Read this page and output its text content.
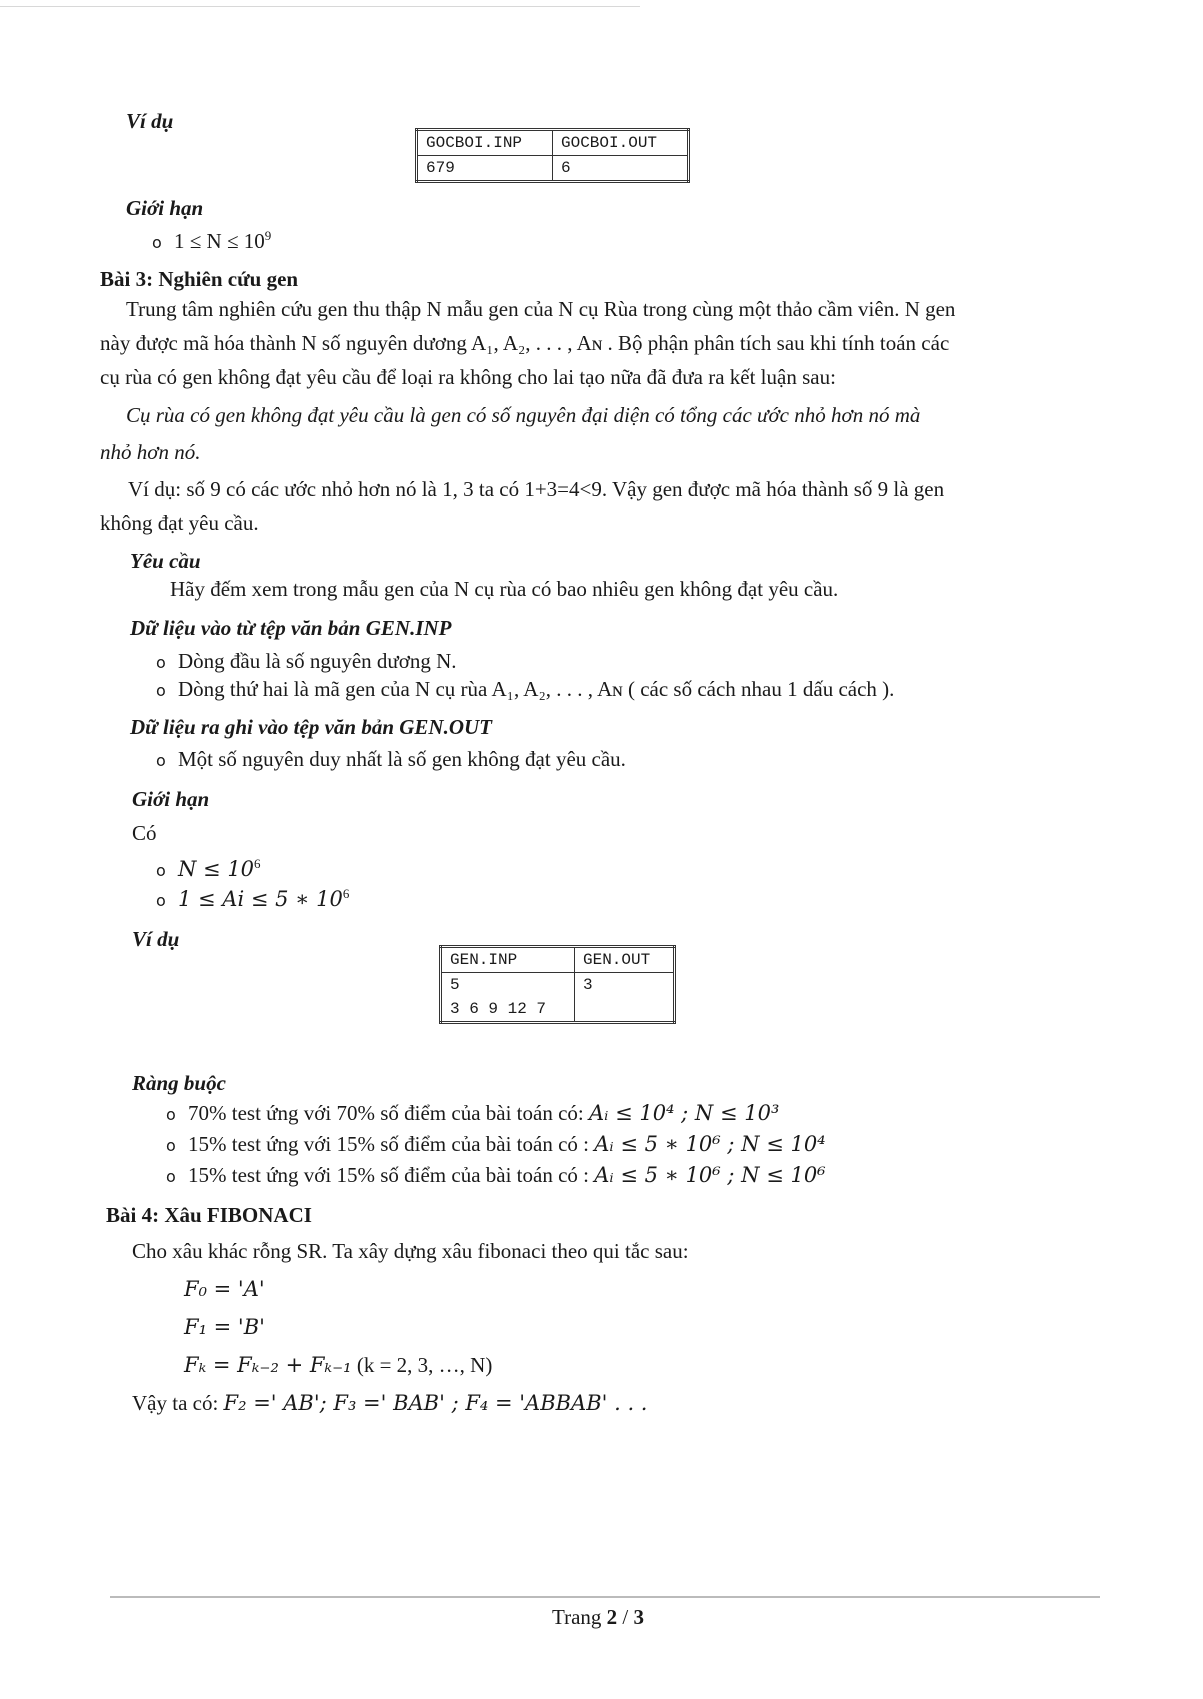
Ví dụ
GOCBOI.INP	GOCBOI.OUT
679	6
Giới hạn
o $1 \le N \le 10^9$
Bài 3: Nghiên cứu gen
Trung tâm nghiên cứu gen thu thập N mẫu gen của N cụ Rùa trong cùng một thảo cầm viên. N gen
này được mã hóa thành N số nguyên dương A₁, A₂, . . . , Aɴ . Bộ phận phân tích sau khi tính toán các
cụ rùa có gen không đạt yêu cầu để loại ra không cho lai tạo nữa đã đưa ra kết luận sau:
Cụ rùa có gen không đạt yêu cầu là gen có số nguyên đại diện có tổng các ước nhỏ hơn nó mà
nhỏ hơn nó.
Ví dụ: số 9 có các ước nhỏ hơn nó là 1, 3 ta có 1+3=4<9. Vậy gen được mã hóa thành số 9 là gen
không đạt yêu cầu.
Yêu cầu
Hãy đếm xem trong mẫu gen của N cụ rùa có bao nhiêu gen không đạt yêu cầu.
Dữ liệu vào từ tệp văn bản GEN.INP
o Dòng đầu là số nguyên dương N.
o Dòng thứ hai là mã gen của N cụ rùa A₁, A₂, . . . , Aɴ ( các số cách nhau 1 dấu cách ).
Dữ liệu ra ghi vào tệp văn bản GEN.OUT
o Một số nguyên duy nhất là số gen không đạt yêu cầu.
Giới hạn
Có
o $N \le 10^6$
o 1 ≤ Ai ≤ 5 ∗ $10^6$
Ví dụ
GEN.INP	GEN.OUT
5	3
3 6 9 12 7	
Ràng buộc
o 70% test ứng với 70% số điểm của bài toán có: Aᵢ ≤ 10⁴ ; N ≤ 10³
o 15% test ứng với 15% số điểm của bài toán có : Aᵢ ≤ 5 ∗ 10⁶ ; N ≤ 10⁴
o 15% test ứng với 15% số điểm của bài toán có : Aᵢ ≤ 5 ∗ 10⁶ ; N ≤ 10⁶
Bài 4: Xâu FIBONACI
Cho xâu khác rỗng SR. Ta xây dựng xâu fibonaci theo qui tắc sau:
F₀ = 'A'
F₁ = 'B'
Fₖ = Fₖ₋₂ + Fₖ₋₁ (k = 2, 3, …, N)
Vậy ta có: F₂ =' AB'; F₃ =' BAB' ; F₄ = 'ABBAB' . . .
Trang 2 / 3
